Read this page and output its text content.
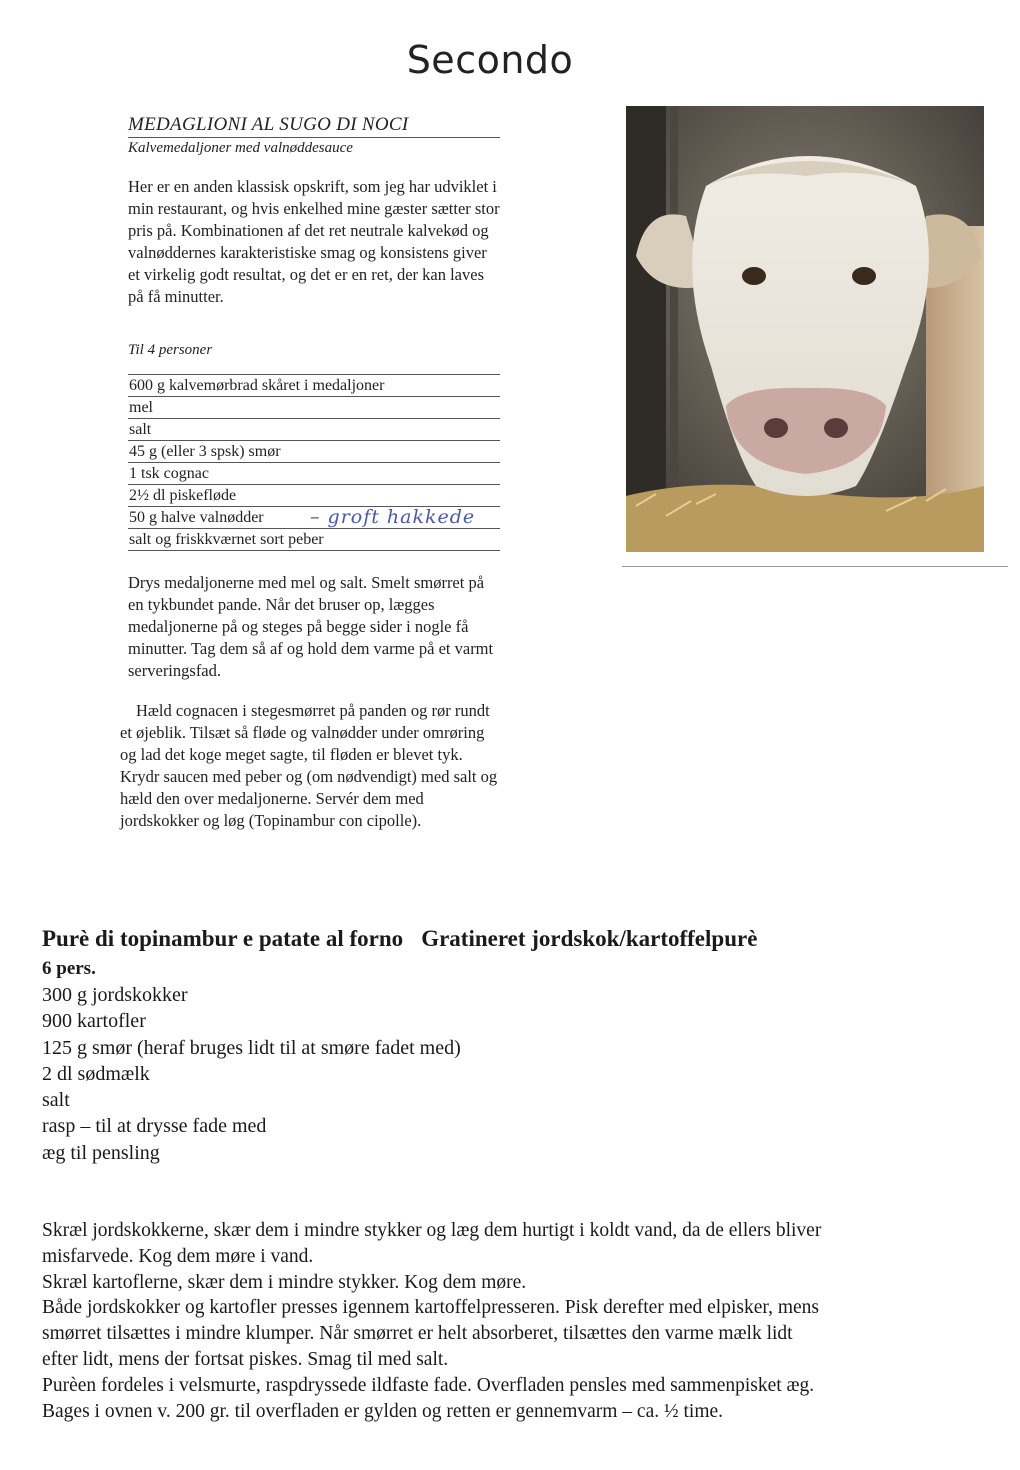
Secondo
MEDAGLIONI AL SUGO DI NOCI
Kalvemedaljoner med valnøddesauce
Her er en anden klassisk opskrift, som jeg har udviklet i min restaurant, og hvis enkelhed mine gæster sætter stor pris på. Kombinationen af det ret neutrale kalvekød og valnøddernes karakteristiske smag og konsistens giver et virkelig godt resultat, og det er en ret, der kan laves på få minutter.
Til 4 personer
600 g kalvemørbrad skåret i medaljoner
mel
salt
45 g (eller 3 spsk) smør
1 tsk cognac
2½ dl piskefløde
50 g halve valnødder
salt og friskkværnet sort peber
– groft hakkede
Drys medaljonerne med mel og salt. Smelt smørret på en tykbundet pande. Når det bruser op, lægges medaljonerne på og steges på begge sider i nogle få minutter. Tag dem så af og hold dem varme på et varmt serveringsfad.
Hæld cognacen i stegesmørret på panden og rør rundt et øjeblik. Tilsæt så fløde og valnødder under omrøring og lad det koge meget sagte, til fløden er blevet tyk. Krydr saucen med peber og (om nødvendigt) med salt og hæld den over medaljonerne. Servér dem med jordskokker og løg (Topinambur con cipolle).
Purè di topinambur e patate al forno Gratineret jordskok/kartoffelpurè
6 pers.
300 g jordskokker
900 kartofler
125 g smør (heraf bruges lidt til at smøre fadet med)
2 dl sødmælk
salt
rasp – til at drysse fade med
æg til pensling
Skræl jordskokkerne, skær dem i mindre stykker og læg dem hurtigt i koldt vand, da de ellers bliver
misfarvede. Kog dem møre i vand.
Skræl kartoflerne, skær dem i mindre stykker. Kog dem møre.
Både jordskokker og kartofler presses igennem kartoffelpresseren. Pisk derefter med elpisker, mens
smørret tilsættes i mindre klumper. Når smørret er helt absorberet, tilsættes den varme mælk lidt
efter lidt, mens der fortsat piskes. Smag til med salt.
Purèen fordeles i velsmurte, raspdryssede ildfaste fade. Overfladen pensles med sammenpisket æg.
Bages i ovnen v. 200 gr. til overfladen er gylden og retten er gennemvarm – ca. ½ time.
